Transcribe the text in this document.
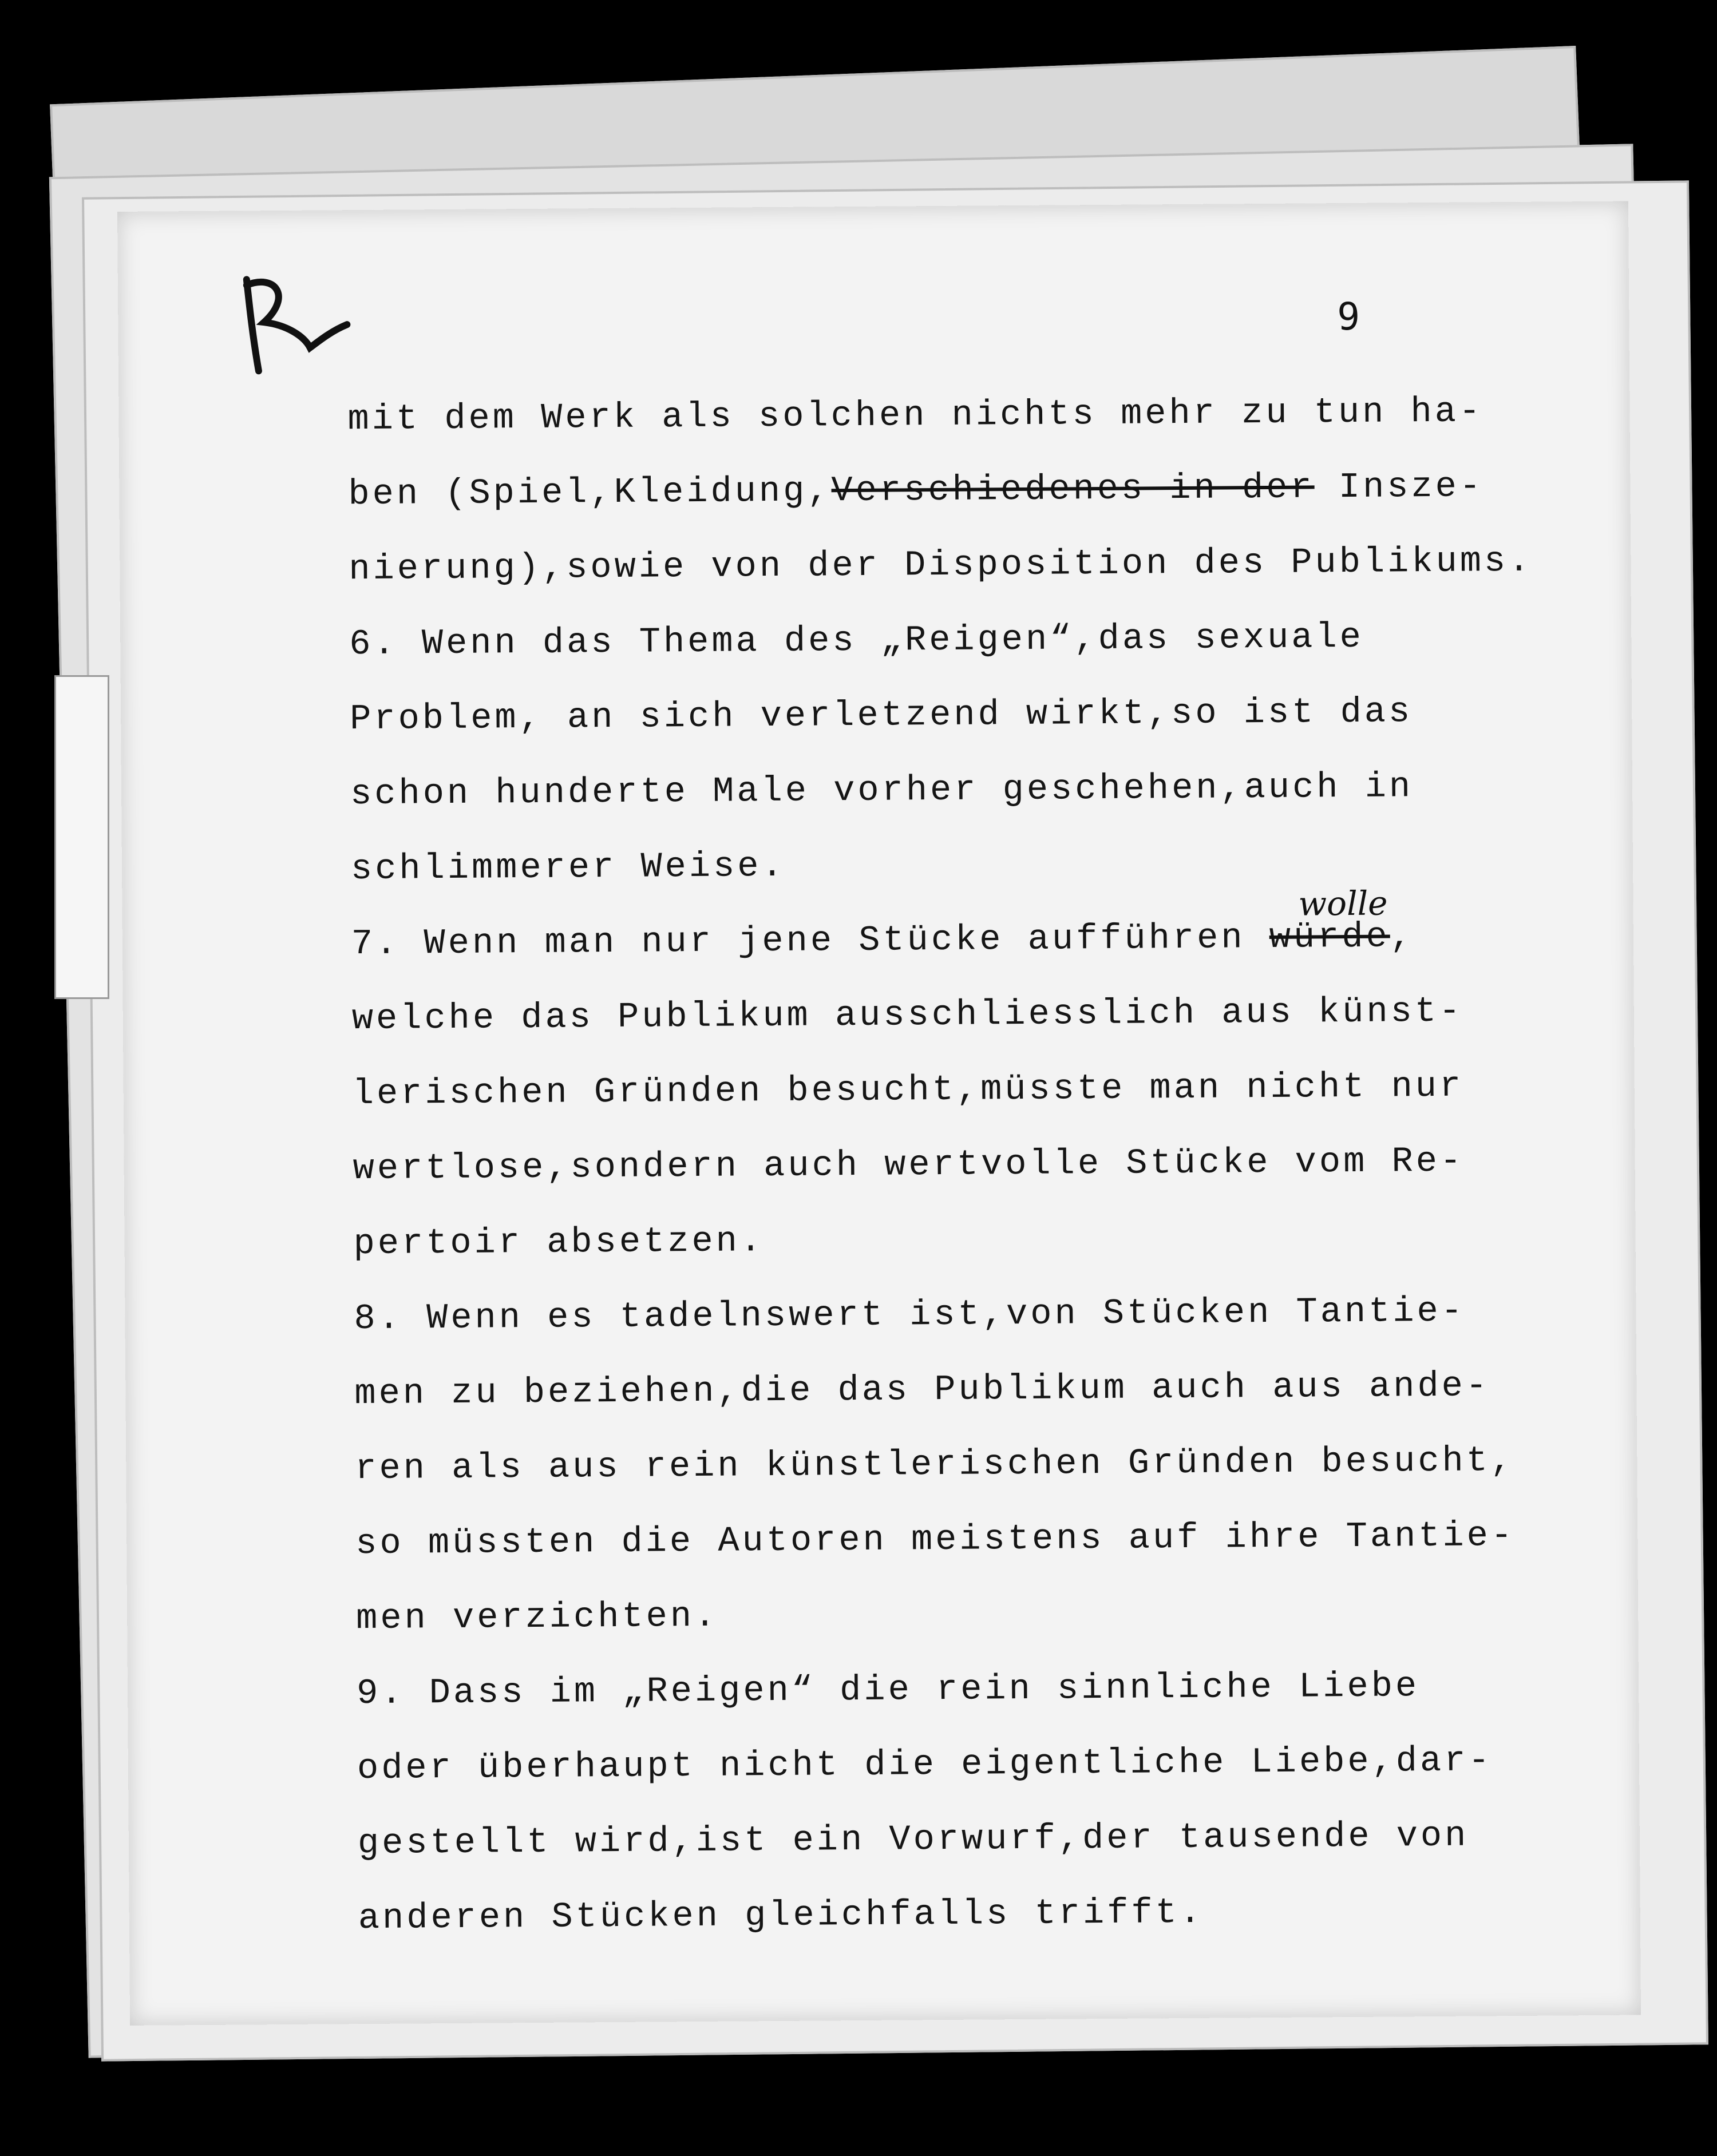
9
wolle
mit dem Werk als solchen nichts mehr zu tun ha-
ben (Spiel,Kleidung,Verschiedenes in der Insze-
nierung),sowie von der Disposition des Publikums.
6. Wenn das Thema des „Reigen“,das sexuale
Problem, an sich verletzend wirkt,so ist das
schon hunderte Male vorher geschehen,auch in
schlimmerer Weise.
7. Wenn man nur jene Stücke aufführen würde,
welche das Publikum ausschliesslich aus künst-
lerischen Gründen besucht,müsste man nicht nur
wertlose,sondern auch wertvolle Stücke vom Re-
pertoir absetzen.
8. Wenn es tadelnswert ist,von Stücken Tantie-
men zu beziehen,die das Publikum auch aus ande-
ren als aus rein künstlerischen Gründen besucht,
so müssten die Autoren meistens auf ihre Tantie-
men verzichten.
9. Dass im „Reigen“ die rein sinnliche Liebe
oder überhaupt nicht die eigentliche Liebe,dar-
gestellt wird,ist ein Vorwurf,der tausende von
anderen Stücken gleichfalls trifft.
